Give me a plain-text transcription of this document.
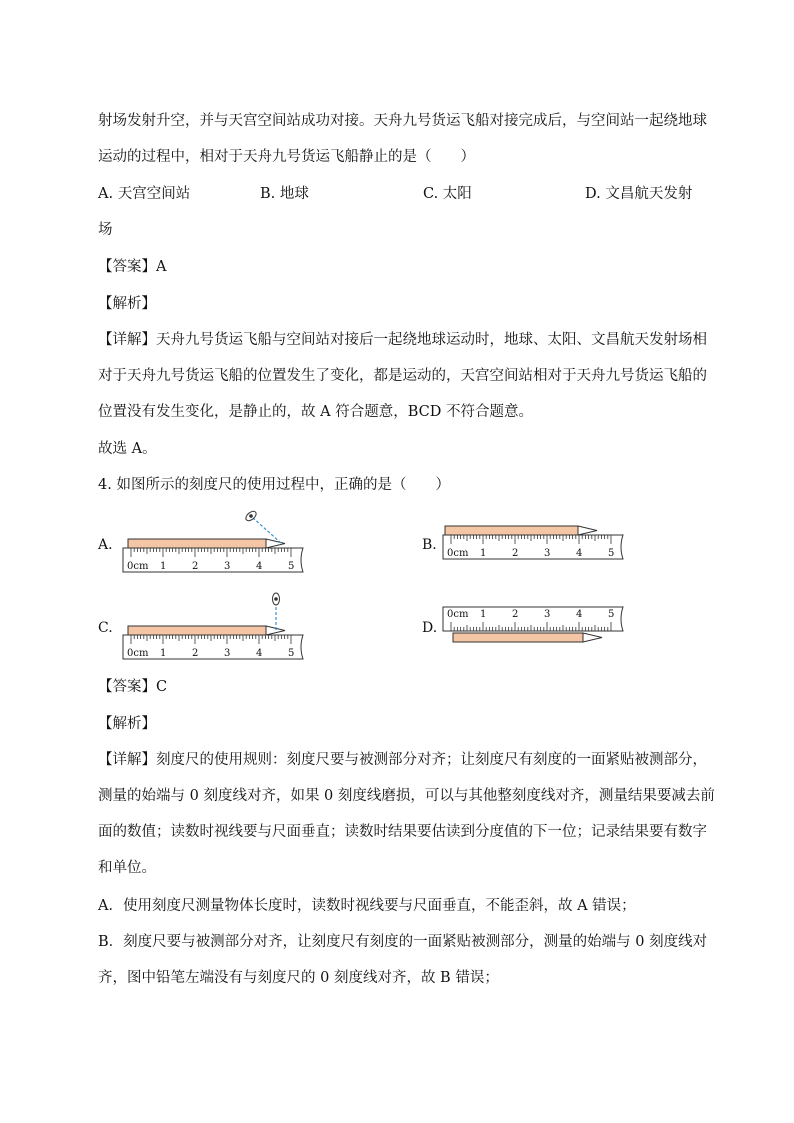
射场发射升空，并与天宫空间站成功对接。天舟九号货运飞船对接完成后，与空间站一起绕地球
运动的过程中，相对于天舟九号货运飞船静止的是（　　）
A. 天宫空间站	B. 地球	C. 太阳	D. 文昌航天发射
场
【答案】A
【解析】
【详解】天舟九号货运飞船与空间站对接后一起绕地球运动时，地球、太阳、文昌航天发射场相
对于天舟九号货运飞船的位置发生了变化，都是运动的，天宫空间站相对于天舟九号货运飞船的
位置没有发生变化，是静止的，故 A 符合题意，BCD 不符合题意。
故选 A。
4. 如图所示的刻度尺的使用过程中，正确的是（　　）
A.
0cm 1	2	3	4	5
B.
0cm 1	2	3	4	5
C.
0cm 1	2	3	4	5
D.
0cm 1	2	3	4	5
【答案】C
【解析】
【详解】刻度尺的使用规则：刻度尺要与被测部分对齐；让刻度尺有刻度的一面紧贴被测部分，
测量的始端与 0 刻度线对齐，如果 0 刻度线磨损，可以与其他整刻度线对齐，测量结果要减去前
面的数值；读数时视线要与尺面垂直；读数时结果要估读到分度值的下一位；记录结果要有数字
和单位。
A．使用刻度尺测量物体长度时，读数时视线要与尺面垂直，不能歪斜，故 A 错误；
B．刻度尺要与被测部分对齐，让刻度尺有刻度的一面紧贴被测部分，测量的始端与 0 刻度线对
齐，图中铅笔左端没有与刻度尺的 0 刻度线对齐，故 B 错误；
